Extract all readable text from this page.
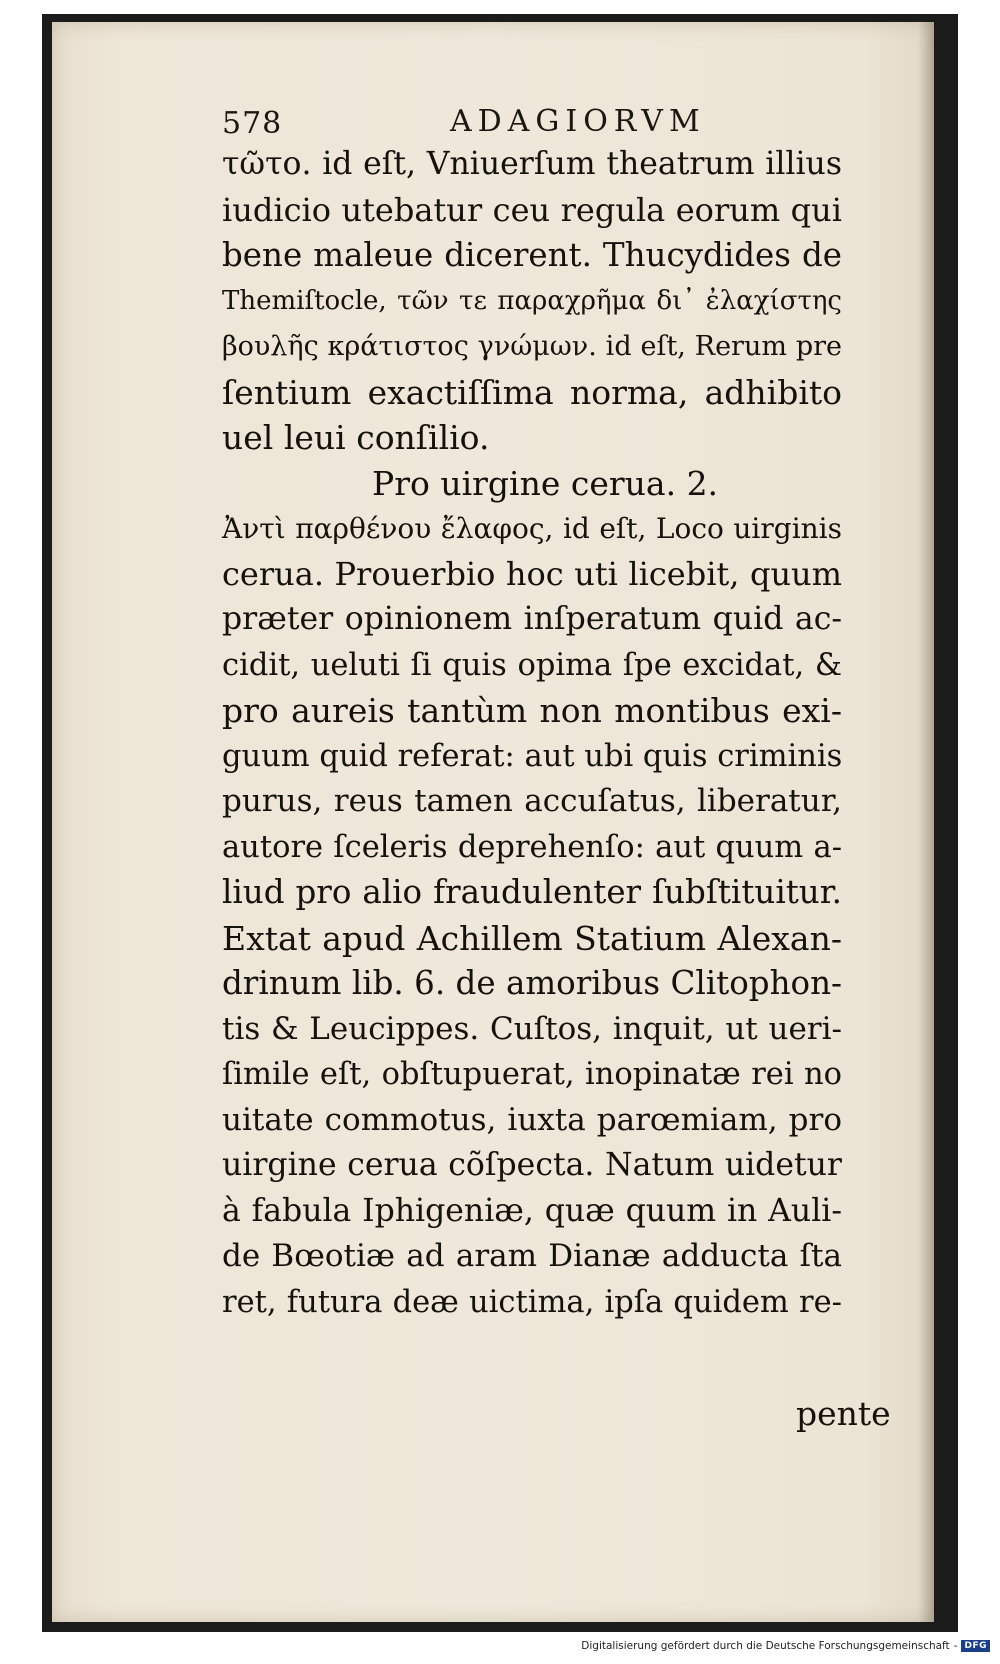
578	ADAGIORVM
τῶτο. id eſt, Vniuerſum theatrum illius
iudicio utebatur ceu regula eorum qui
bene maleue dicerent. Thucydides de
Themiſtocle, τῶν τε παραχρῆμα δι᾽ ἐλαχίστης
βουλῆς κράτιστος γνώμων. id eſt, Rerum pre
ſentium exactiſſima norma, adhibito
uel leui conſilio.
Pro uirgine cerua. 2.
Ἀντὶ παρθένου ἔλαφος, id eſt, Loco uirginis
cerua. Prouerbio hoc uti licebit, quum
præter opinionem inſperatum quid ac-
cidit, ueluti ſi quis opima ſpe excidat, &
pro aureis tantùm non montibus exi-
guum quid referat: aut ubi quis criminis
purus, reus tamen accuſatus, liberatur,
autore ſceleris deprehenſo: aut quum a-
liud pro alio fraudulenter ſubſtituitur.
Extat apud Achillem Statium Alexan-
drinum lib. 6. de amoribus Clitophon-
tis & Leucippes. Cuſtos, inquit, ut ueri-
ſimile eſt, obſtupuerat, inopinatæ rei no
uitate commotus, iuxta parœmiam, pro
uirgine cerua cõſpecta. Natum uidetur
à fabula Iphigeniæ, quæ quum in Auli-
de Bœotiæ ad aram Dianæ adducta ſta
ret, futura deæ uictima, ipſa quidem re-
pente
Digitalisierung gefördert durch die Deutsche Forschungsgemeinschaft - DFG
